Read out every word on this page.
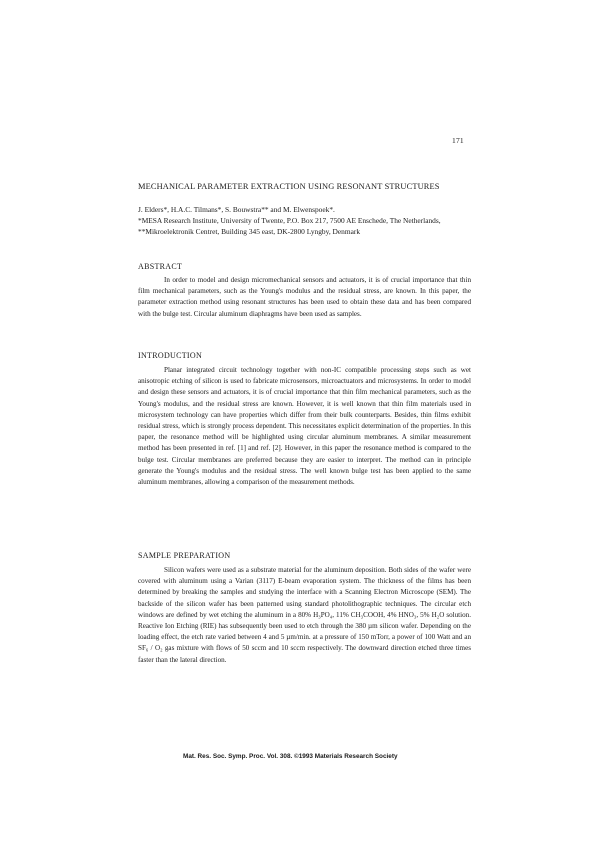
171
MECHANICAL PARAMETER EXTRACTION USING RESONANT STRUCTURES
J. Elders*, H.A.C. Tilmans*, S. Bouwstra** and M. Elwenspoek*.
*MESA Research Institute, University of Twente, P.O. Box 217, 7500 AE Enschede, The Netherlands,
**Mikroelektronik Centret, Building 345 east, DK-2800 Lyngby, Denmark
ABSTRACT

In order to model and design micromechanical sensors and actuators, it is of crucial importance that thin film mechanical parameters, such as the Young's modulus and the residual stress, are known. In this paper, the parameter extraction method using resonant structures has been used to obtain these data and has been compared with the bulge test. Circular aluminum diaphragms have been used as samples.

INTRODUCTION

Planar integrated circuit technology together with non-IC compatible processing steps such as wet anisotropic etching of silicon is used to fabricate microsensors, microactuators and microsystems. In order to model and design these sensors and actuators, it is of crucial importance that thin film mechanical parameters, such as the Young's modulus, and the residual stress are known. However, it is well known that thin film materials used in microsystem technology can have properties which differ from their bulk counterparts. Besides, thin films exhibit residual stress, which is strongly process dependent. This necessitates explicit determination of the properties. In this paper, the resonance method will be highlighted using circular aluminum membranes. A similar measurement method has been presented in ref. [1] and ref. [2]. However, in this paper the resonance method is compared to the bulge test. Circular membranes are preferred because they are easier to interpret. The method can in principle generate the Young's modulus and the residual stress. The well known bulge test has been applied to the same aluminum membranes, allowing a comparison of the measurement methods.

SAMPLE PREPARATION

Silicon wafers were used as a substrate material for the aluminum deposition. Both sides of the wafer were covered with aluminum using a Varian (3117) E-beam evaporation system. The thickness of the films has been determined by breaking the samples and studying the interface with a Scanning Electron Microscope (SEM). The backside of the silicon wafer has been patterned using standard photolithographic techniques. The circular etch windows are defined by wet etching the aluminum in a 80% H₃PO₄, 11% CH₃COOH, 4% HNO₃, 5% H₂O solution. Reactive Ion Etching (RIE) has subsequently been used to etch through the 380 µm silicon wafer. Depending on the loading effect, the etch rate varied between 4 and 5 µm/min. at a pressure of 150 mTorr, a power of 100 Watt and an SF₆ / O₂ gas mixture with flows of 50 sccm and 10 sccm respectively. The downward direction etched three times faster than the lateral direction.

Mat. Res. Soc. Symp. Proc. Vol. 308. ©1993 Materials Research Society
